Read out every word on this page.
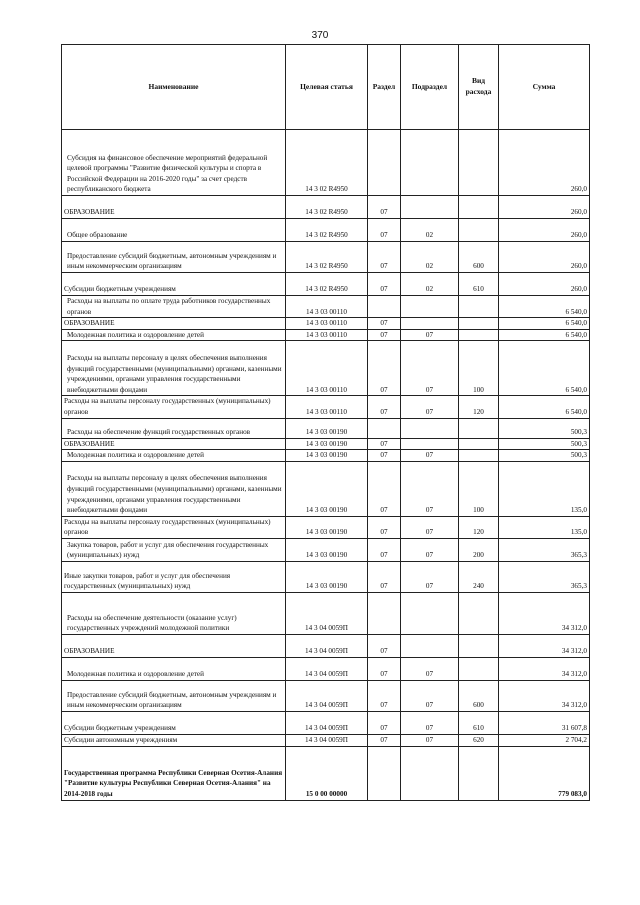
370
Наименование	Целевая статья	Раздел	Подраздел	Вид расхода	Сумма
Субсидия на финансовое обеспечение мероприятий федеральной целевой программы "Развитие физической культуры и спорта в Российской Федерации на 2016-2020 годы" за счет средств республиканского бюджета	14 3 02 R4950				260,0
ОБРАЗОВАНИЕ	14 3 02 R4950	07			260,0
Общее образование	14 3 02 R4950	07	02		260,0
Предоставление субсидий бюджетным, автономным учреждениям и иным некоммерческим организациям	14 3 02 R4950	07	02	600	260,0
Субсидии бюджетным учреждениям	14 3 02 R4950	07	02	610	260,0
Расходы на выплаты по оплате труда работников государственных органов	14 3 03 00110				6 540,0
ОБРАЗОВАНИЕ	14 3 03 00110	07			6 540,0
Молодежная политика и оздоровление детей	14 3 03 00110	07	07		6 540,0
Расходы на выплаты персоналу в целях обеспечения выполнения функций государственными (муниципальными) органами, казенными учреждениями, органами управления государственными внебюджетными фондами	14 3 03 00110	07	07	100	6 540,0
Расходы на выплаты персоналу государственных (муниципальных) органов	14 3 03 00110	07	07	120	6 540,0
Расходы на обеспечение функций государственных органов	14 3 03 00190				500,3
ОБРАЗОВАНИЕ	14 3 03 00190	07			500,3
Молодежная политика и оздоровление детей	14 3 03 00190	07	07		500,3
Расходы на выплаты персоналу в целях обеспечения выполнения функций государственными (муниципальными) органами, казенными учреждениями, органами управления государственными внебюджетными фондами	14 3 03 00190	07	07	100	135,0
Расходы на выплаты персоналу государственных (муниципальных) органов	14 3 03 00190	07	07	120	135,0
Закупка товаров, работ и услуг для обеспечения государственных (муниципальных) нужд	14 3 03 00190	07	07	200	365,3
Иные закупки товаров, работ и услуг для обеспечения государственных (муниципальных) нужд	14 3 03 00190	07	07	240	365,3
Расходы на обеспечение деятельности (оказание услуг) государственных учреждений молодежной политики	14 3 04 0059П				34 312,0
ОБРАЗОВАНИЕ	14 3 04 0059П	07			34 312,0
Молодежная политика и оздоровление детей	14 3 04 0059П	07	07		34 312,0
Предоставление субсидий бюджетным, автономным учреждениям и иным некоммерческим организациям	14 3 04 0059П	07	07	600	34 312,0
Субсидии бюджетным учреждениям	14 3 04 0059П	07	07	610	31 607,8
Субсидии автономным учреждениям	14 3 04 0059П	07	07	620	2 704,2
Государственная программа Республики Северная Осетия-Алания "Развитие культуры Республики Северная Осетия-Алания" на 2014-2018 годы	15 0 00 00000				779 083,0
